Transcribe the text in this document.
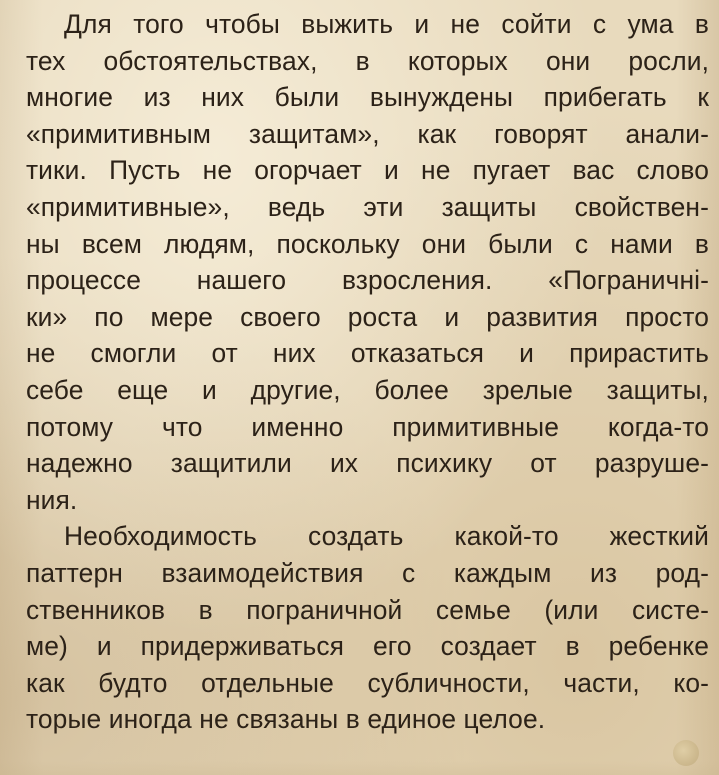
Для того чтобы выжить и не сойти с ума в
тех обстоятельствах, в которых они росли,
многие из них были вынуждены прибегать к
«примитивным защитам», как говорят анали-
тики. Пусть не огорчает и не пугает вас слово
«примитивные», ведь эти защиты свойствен-
ны всем людям, поскольку они были с нами в
процессе нашего взросления. «Пограничні-
ки» по мере своего роста и развития просто
не смогли от них отказаться и прирастить
себе еще и другие, более зрелые защиты,
потому что именно примитивные когда-то
надежно защитили их психику от разруше-
ния.
Необходимость создать какой-то жесткий
паттерн взаимодействия с каждым из род-
ственников в пограничной семье (или систе-
ме) и придерживаться его создает в ребенке
как будто отдельные субличности, части, ко-
торые иногда не связаны в единое целое.
